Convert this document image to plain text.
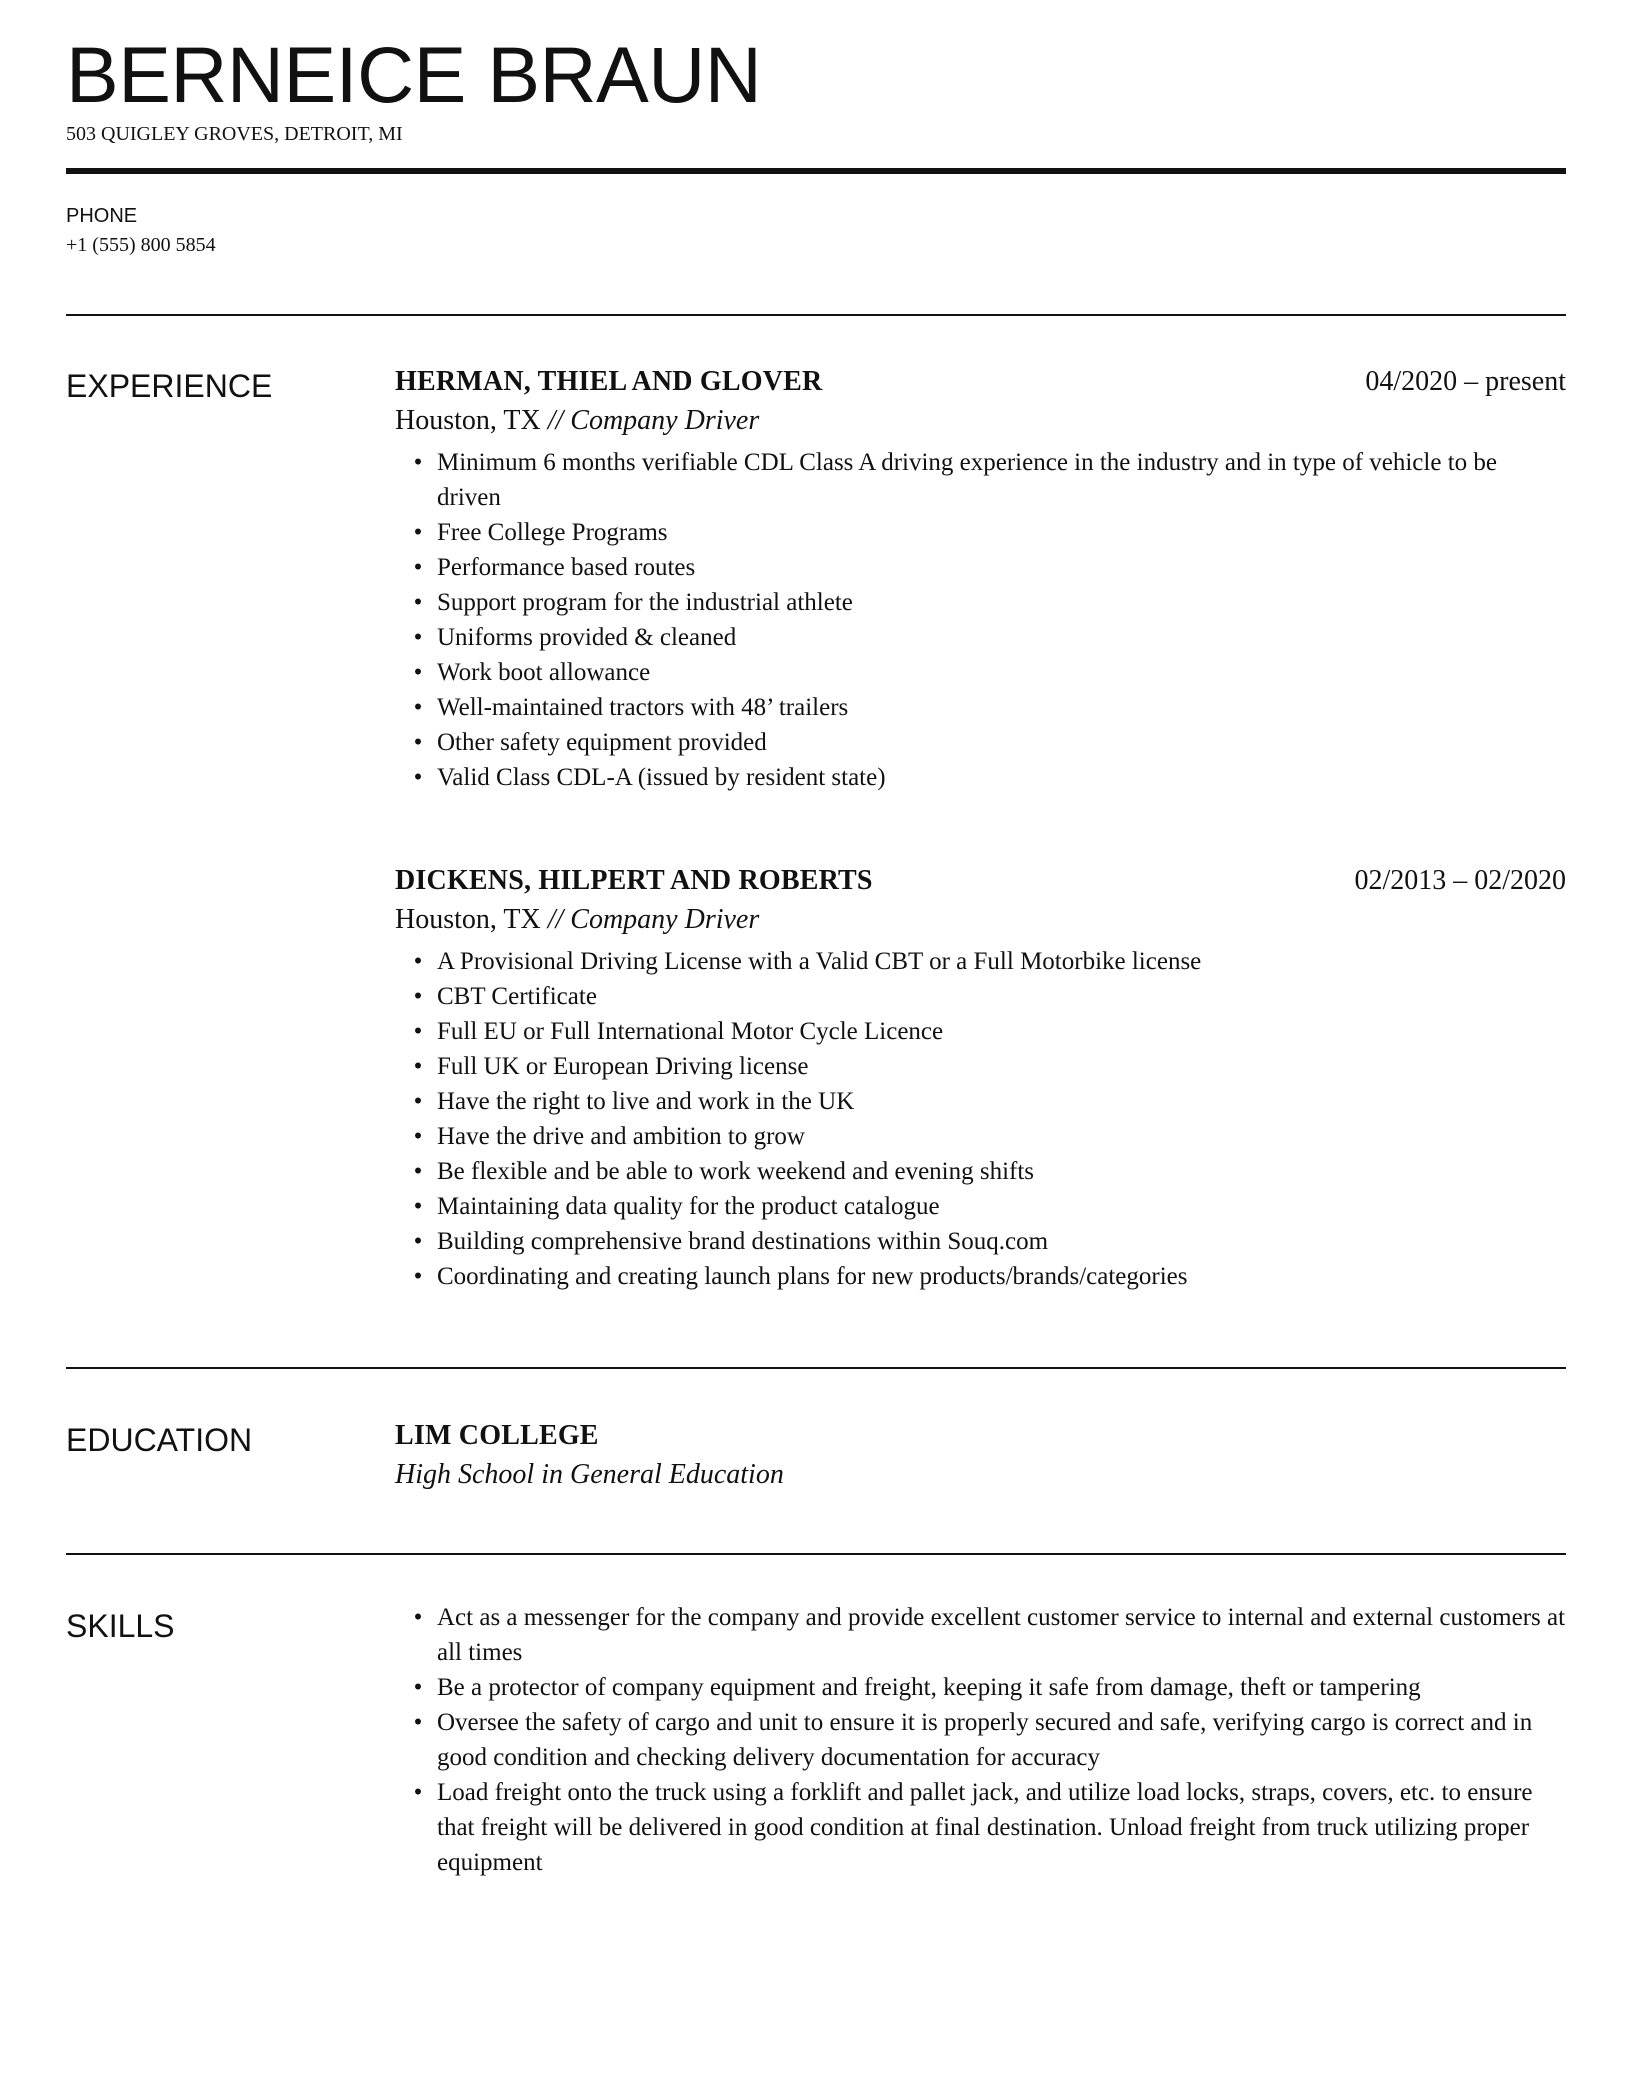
BERNEICE BRAUN
503 QUIGLEY GROVES, DETROIT, MI
PHONE
+1 (555) 800 5854
EXPERIENCE	HERMAN, THIEL AND GLOVER	04/2020 – present
Houston, TX // Company Driver
• Minimum 6 months verifiable CDL Class A driving experience in the industry and in type of vehicle to be driven
• Free College Programs
• Performance based routes
• Support program for the industrial athlete
• Uniforms provided & cleaned
• Work boot allowance
• Well-maintained tractors with 48’ trailers
• Other safety equipment provided
• Valid Class CDL-A (issued by resident state)
DICKENS, HILPERT AND ROBERTS	02/2013 – 02/2020
Houston, TX // Company Driver
• A Provisional Driving License with a Valid CBT or a Full Motorbike license
• CBT Certificate
• Full EU or Full International Motor Cycle Licence
• Full UK or European Driving license
• Have the right to live and work in the UK
• Have the drive and ambition to grow
• Be flexible and be able to work weekend and evening shifts
• Maintaining data quality for the product catalogue
• Building comprehensive brand destinations within Souq.com
• Coordinating and creating launch plans for new products/brands/categories
EDUCATION	LIM COLLEGE
High School in General Education
SKILLS	• Act as a messenger for the company and provide excellent customer service to internal and external customers at all times
• Be a protector of company equipment and freight, keeping it safe from damage, theft or tampering
• Oversee the safety of cargo and unit to ensure it is properly secured and safe, verifying cargo is correct and in good condition and checking delivery documentation for accuracy
• Load freight onto the truck using a forklift and pallet jack, and utilize load locks, straps, covers, etc. to ensure that freight will be delivered in good condition at final destination. Unload freight from truck utilizing proper equipment
